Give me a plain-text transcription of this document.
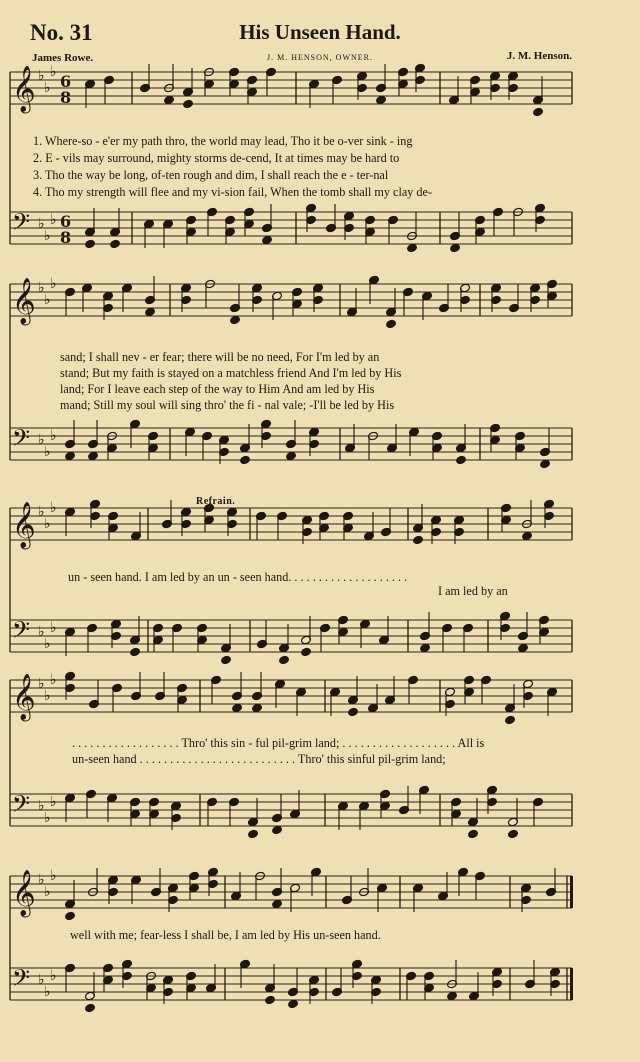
No. 31	His Unseen Hand.
James Rowe.	J. M. HENSON, OWNER.	J. M. Henson.
𝄞 ♭
♭
♭ 6
8
𝄢 ♭
♭
♭ 6
8
𝄞 ♭
♭
♭
𝄢 ♭
♭
♭
𝄞 ♭
♭
♭
𝄢 ♭
♭
♭
𝄞 ♭
♭
♭
𝄢 ♭
♭
♭
𝄞 ♭
♭
♭
𝄢 ♭
♭
♭
1. Where-so - e'er my path thro, the world may lead, Tho it be o-ver sink - ing
2. E - vils may surround, mighty storms de-cend, It at times may be hard to
3. Tho the way be long, of-ten rough and dim, I shall reach the e - ter-nal
4. Tho my strength will flee and my vi-sion fail, When the tomb shall my clay de-
sand; I shall nev - er fear; there will be no need, For I'm led by an
stand; But my faith is stayed on a matchless friend And I'm led by His
land; For I leave each step of the way to Him And am led by His
mand; Still my soul will sing thro' the fi - nal vale; -I'll be led by His
Refrain.
un - seen hand. I am led by an un - seen hand. . . . . . . . . . . . . . . . . . . .
I am led by an
. . . . . . . . . . . . . . . . . . Thro' this sin - ful pil-grim land; . . . . . . . . . . . . . . . . . . . All is
un-seen hand . . . . . . . . . . . . . . . . . . . . . . . . . . Thro' this sinful pil-grim land;
well with me; fear-less I shall be, I am led by His un-seen hand.
